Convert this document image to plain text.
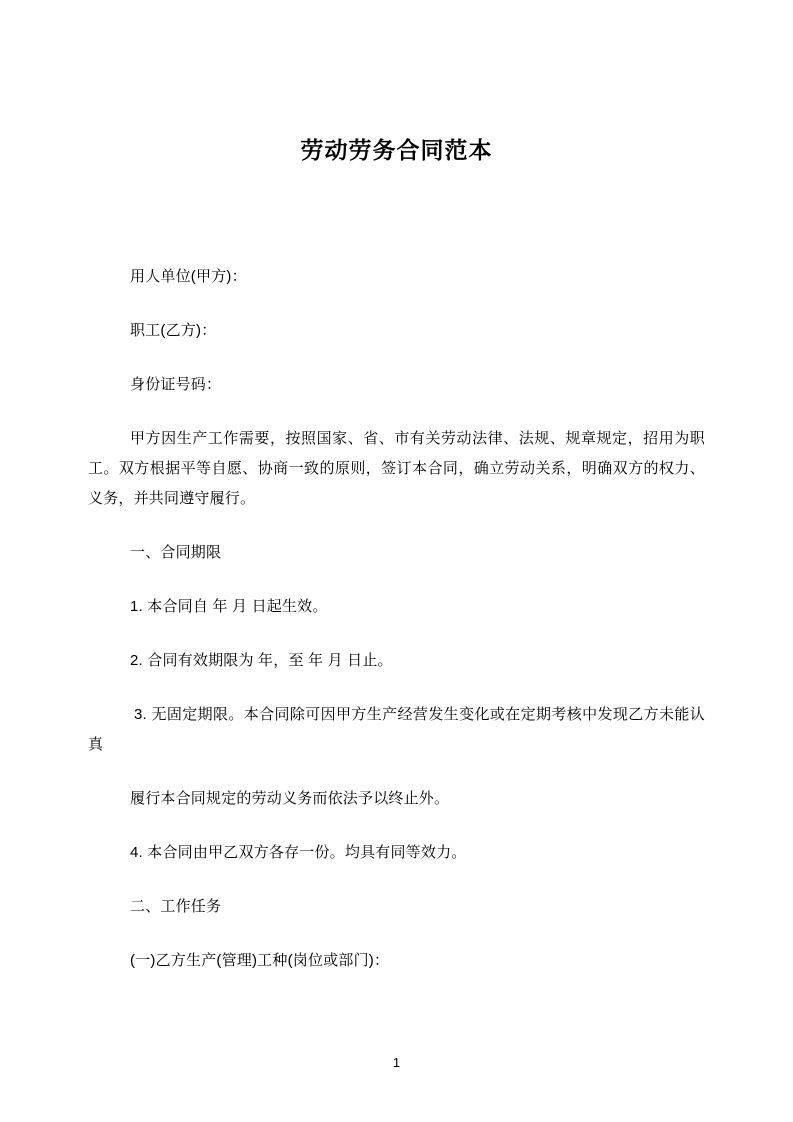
劳动劳务合同范本

用人单位(甲方)：

职工(乙方)：

身份证号码：

甲方因生产工作需要，按照国家、省、市有关劳动法律、法规、规章规定，招用为职工。双方根据平等自愿、协商一致的原则，签订本合同，确立劳动关系，明确双方的权力、义务，并共同遵守履行。

一、合同期限

1. 本合同自 年 月 日起生效。

2. 合同有效期限为 年，至 年 月 日止。

3. 无固定期限。本合同除可因甲方生产经营发生变化或在定期考核中发现乙方未能认真

履行本合同规定的劳动义务而依法予以终止外。

4. 本合同由甲乙双方各存一份。均具有同等效力。

二、工作任务

(一)乙方生产(管理)工种(岗位或部门)：

1
